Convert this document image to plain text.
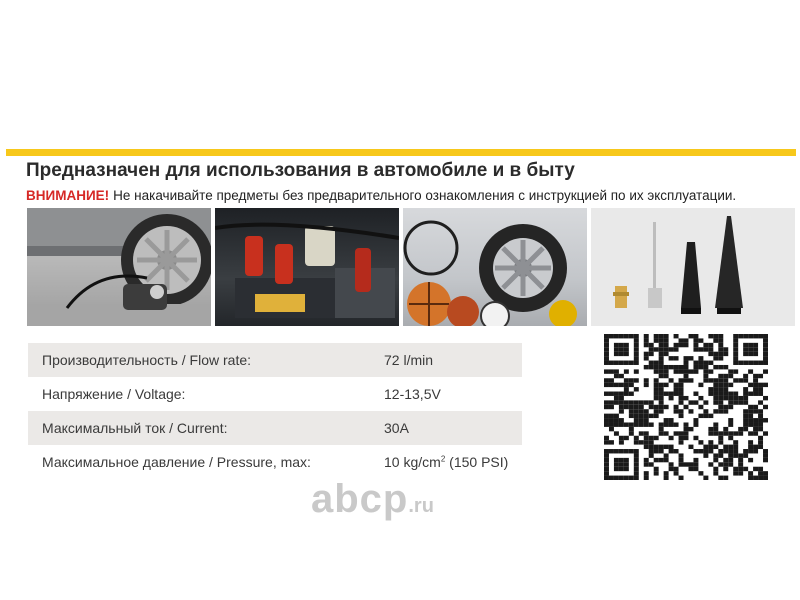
Предназначен для использования в автомобиле и в быту
ВНИМАНИЕ! Не накачивайте предметы без предварительного ознакомления с инструкцией по их эксплуатации.
Производительность / Flow rate:	72 l/min
Напряжение / Voltage:	12-13,5V
Максимальный ток / Current:	30A
Максимальное давление / Pressure, max:	10 $kg/cm^2$ (150 PSI)
abcp .ru
